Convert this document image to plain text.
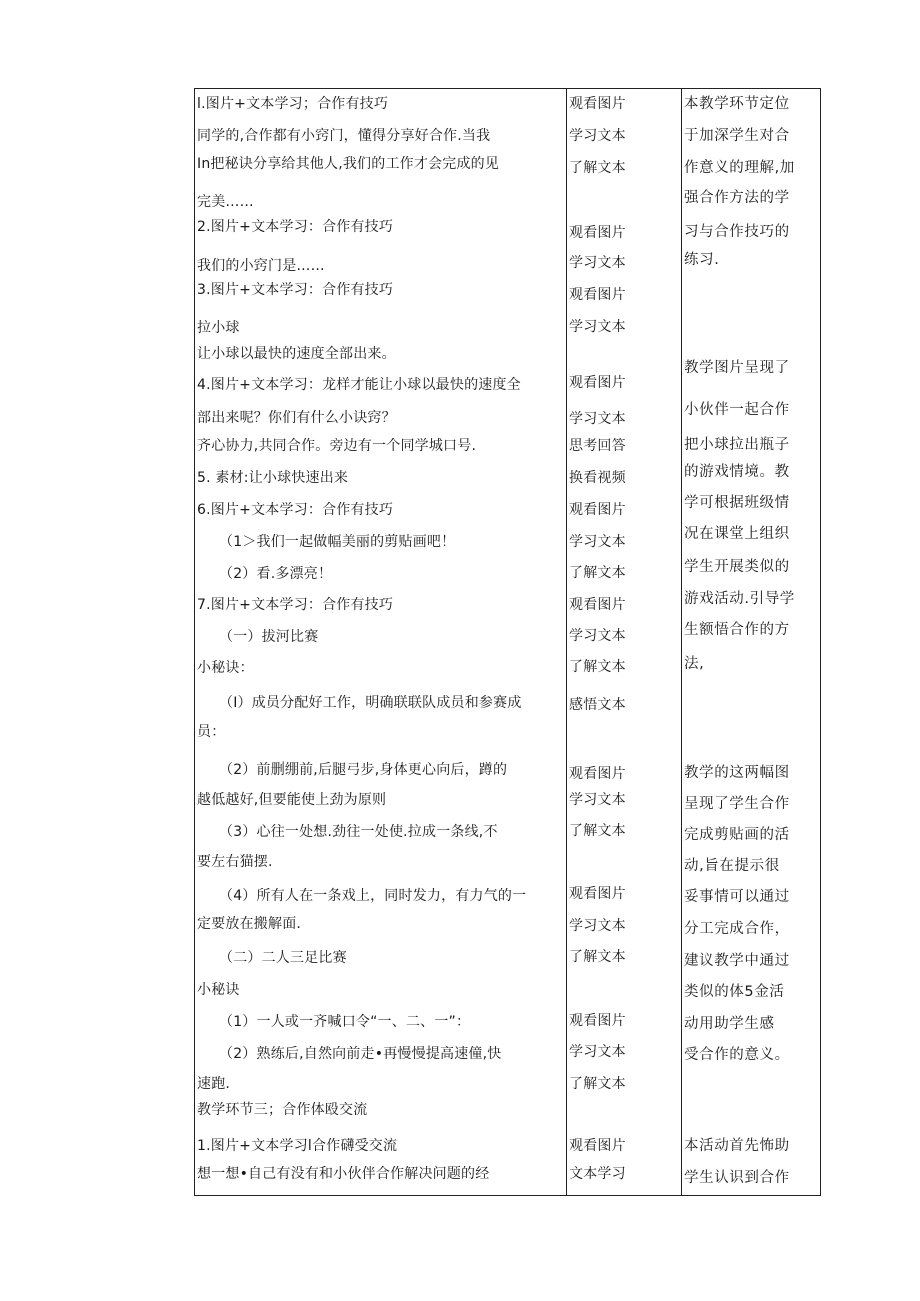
l.图片+文本学习；合作有技巧
同学的,合作都有小窍门，懂得分享好合作.当我
In把秘诀分享给其他人,我们的工作才会完成的见
完美……
2.图片+文本学习：合作有技巧
我们的小窍门是……
3.图片+文本学习：合作有技巧
拉小球
让小球以最快的速度全部出来。
4.图片+文本学习：龙样才能让小球以最快的速度全
部出来呢？你们有什么小诀窍？
齐心协力,共同合作。旁边有一个同学城口号.
5. 素材:让小球快速出来
6.图片+文本学习：合作有技巧
（1＞我们一起做幅美丽的剪贴画吧！
（2）看.多漂亮！
7.图片+文本学习：合作有技巧
（一）拔河比赛
小秘诀：
（I）成员分配好工作，明确联联队成员和参赛成
员：
（2）前删绷前,后腿弓步,身体更心向后，蹲的
越低越好,但要能使上劲为原则
（3）心往一处想.劲往一处使.拉成一条线,不
要左右猫摆.
（4）所有人在一条戏上，同时发力，有力气的一
定要放在搬解面.
（二）二人三足比赛
小秘诀
（1）一人或一齐喊口令“一、二、一”：
（2）熟练后,自然向前走•再慢慢提高速僮,快
速跑.
教学环节三；合作体殴交流
1.图片+文本学习l合作礴受交流
想一想•自己有没有和小伙伴合作解决问题的经
观看图片
学习文本
了解文本
观看图片
学习文本
观看图片
学习文本
观看图片
学习文本
思考回答
换看视频
观看图片
学习文本
了解文本
观看图片
学习文本
了解文本
感悟文本
观看图片
学习文本
了解文本
观看图片
学习文本
了解文本
观看图片
学习文本
了解文本
观看图片
文本学习
本教学环节定位
于加深学生对合
作意义的理解,加
强合作方法的学
习与合作技巧的
练习.
教学图片呈现了
小伙伴一起合作
把小球拉出瓶子
的游戏情境。教
学可根据班级情
况在课堂上组织
学生开展类似的
游戏活动.引导学
生额悟合作的方
法,
教学的这两幅图
呈现了学生合作
完成剪贴画的活
动,旨在提示很
妥事情可以通过
分工完成合作，
建议教学中通过
类似的体5金活
动用助学生感
受合作的意义。
本活动首先怖助
学生认识到合作
